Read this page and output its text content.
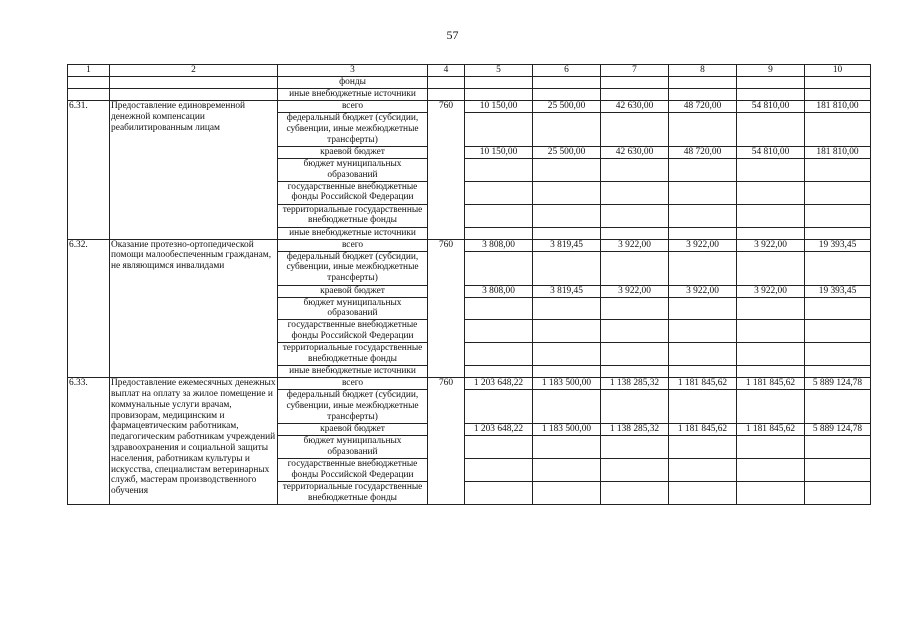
57
1	2	3	4	5	6	7	8	9	10
		фонды							
		иные внебюджетные источники							
6.31.	Предоставление единовременной денежной компенсации реабилитированным лицам	всего	760	10 150,00	25 500,00	42 630,00	48 720,00	54 810,00	181 810,00
		федеральный бюджет (субсидии, субвенции, иные межбюджетные трансферты)							
		краевой бюджет		10 150,00	25 500,00	42 630,00	48 720,00	54 810,00	181 810,00
		бюджет муниципальных образований							
		государственные внебюджетные фонды Российской Федерации							
		территориальные государственные внебюджетные фонды							
		иные внебюджетные источники							
6.32.	Оказание протезно-ортопедической помощи малообеспеченным гражданам, не являющимся инвалидами	всего	760	3 808,00	3 819,45	3 922,00	3 922,00	3 922,00	19 393,45
		федеральный бюджет (субсидии, субвенции, иные межбюджетные трансферты)							
		краевой бюджет		3 808,00	3 819,45	3 922,00	3 922,00	3 922,00	19 393,45
		бюджет муниципальных образований							
		государственные внебюджетные фонды Российской Федерации							
		территориальные государственные внебюджетные фонды							
		иные внебюджетные источники							
6.33.	Предоставление ежемесячных денежных выплат на оплату за жилое помещение и коммунальные услуги врачам, провизорам, медицинским и фармацевтическим работникам, педагогическим работникам учреждений здравоохранения и социальной защиты населения, работникам культуры и искусства, специалистам ветеринарных служб, мастерам производственного обучения	всего	760	1 203 648,22	1 183 500,00	1 138 285,32	1 181 845,62	1 181 845,62	5 889 124,78
		федеральный бюджет (субсидии, субвенции, иные межбюджетные трансферты)							
		краевой бюджет		1 203 648,22	1 183 500,00	1 138 285,32	1 181 845,62	1 181 845,62	5 889 124,78
		бюджет муниципальных образований							
		государственные внебюджетные фонды Российской Федерации							
		территориальные государственные внебюджетные фонды							
